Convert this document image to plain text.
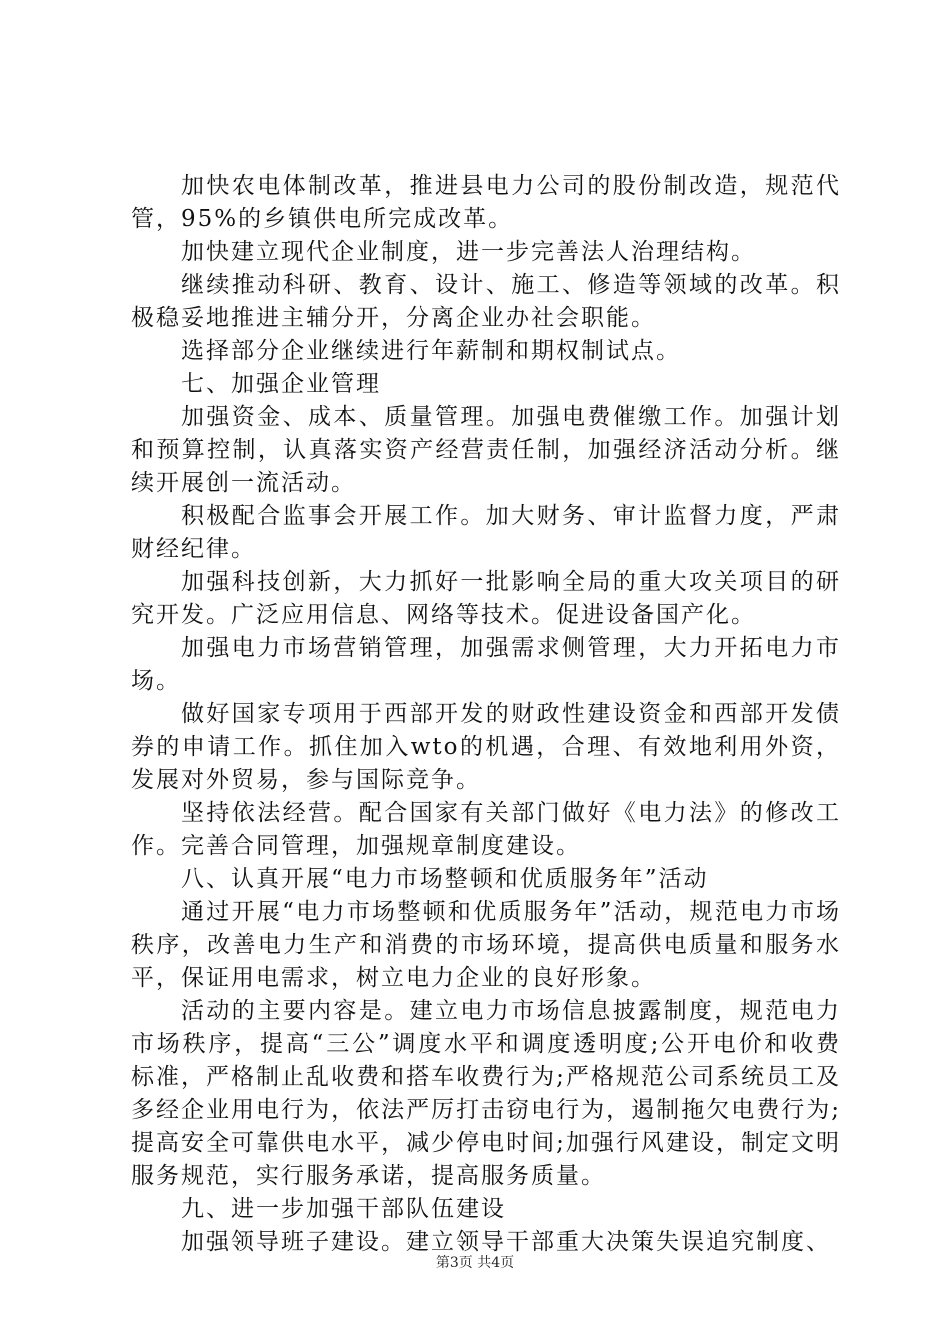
加快农电体制改革，推进县电力公司的股份制改造，规范代管，95%的乡镇供电所完成改革。

加快建立现代企业制度，进一步完善法人治理结构。

继续推动科研、教育、设计、施工、修造等领域的改革。积极稳妥地推进主辅分开，分离企业办社会职能。

选择部分企业继续进行年薪制和期权制试点。

七、加强企业管理

加强资金、成本、质量管理。加强电费催缴工作。加强计划和预算控制，认真落实资产经营责任制，加强经济活动分析。继续开展创一流活动。

积极配合监事会开展工作。加大财务、审计监督力度，严肃财经纪律。

加强科技创新，大力抓好一批影响全局的重大攻关项目的研究开发。广泛应用信息、网络等技术。促进设备国产化。

加强电力市场营销管理，加强需求侧管理，大力开拓电力市场。

做好国家专项用于西部开发的财政性建设资金和西部开发债券的申请工作。抓住加入wto的机遇，合理、有效地利用外资，发展对外贸易，参与国际竞争。

坚持依法经营。配合国家有关部门做好《电力法》的修改工作。完善合同管理，加强规章制度建设。

八、认真开展“电力市场整顿和优质服务年”活动

通过开展“电力市场整顿和优质服务年”活动，规范电力市场秩序，改善电力生产和消费的市场环境，提高供电质量和服务水平，保证用电需求，树立电力企业的良好形象。

活动的主要内容是。建立电力市场信息披露制度，规范电力市场秩序，提高“三公”调度水平和调度透明度;公开电价和收费标准，严格制止乱收费和搭车收费行为;严格规范公司系统员工及多经企业用电行为，依法严厉打击窃电行为，遏制拖欠电费行为;提高安全可靠供电水平，减少停电时间;加强行风建设，制定文明服务规范，实行服务承诺，提高服务质量。

九、进一步加强干部队伍建设

加强领导班子建设。建立领导干部重大决策失误追究制度、

第3页 共4页
